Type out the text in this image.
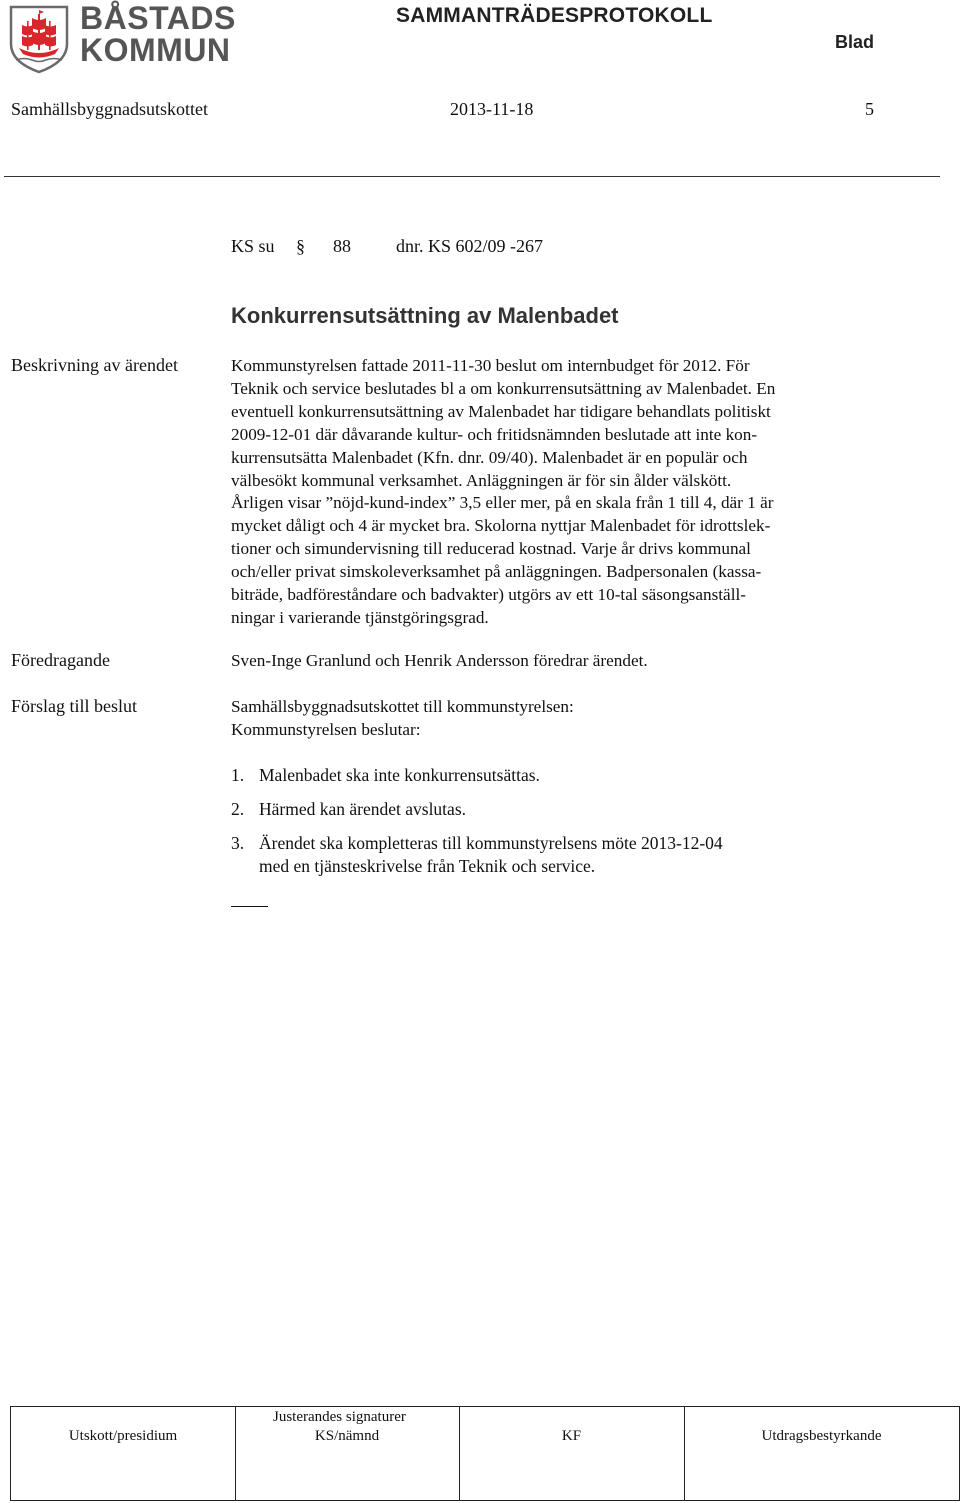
BÅSTADS
KOMMUN
SAMMANTRÄDESPROTOKOLL
Blad
Samhällsbyggnadsutskottet	2013-11-18	5
KS su § 88	dnr. KS 602/09 -267
Konkurrensutsättning av Malenbadet
Beskrivning av ärendet	Kommunstyrelsen fattade 2011-11-30 beslut om internbudget för 2012. För

Teknik och service beslutades bl a om konkurrensutsättning av Malenbadet. En

eventuell konkurrensutsättning av Malenbadet har tidigare behandlats politiskt

2009-12-01 där dåvarande kultur- och fritidsnämnden beslutade att inte kon-

kurrensutsätta Malenbadet (Kfn. dnr. 09/40). Malenbadet är en populär och

välbesökt kommunal verksamhet. Anläggningen är för sin ålder välskött.

Årligen visar ”nöjd-kund-index” 3,5 eller mer, på en skala från 1 till 4, där 1 är

mycket dåligt och 4 är mycket bra. Skolorna nyttjar Malenbadet för idrottslek-

tioner och simundervisning till reducerad kostnad. Varje år drivs kommunal

och/eller privat simskoleverksamhet på anläggningen. Badpersonalen (kassa-

biträde, badföreståndare och badvakter) utgörs av ett 10-tal säsongsanställ-

ningar i varierande tjänstgöringsgrad.

Föredragande	Sven-Inge Granlund och Henrik Andersson föredrar ärendet.
Förslag till beslut	Samhällsbyggnadsutskottet till kommunstyrelsen:

Kommunstyrelsen beslutar:

1. Malenbadet ska inte konkurrensutsättas.
2. Härmed kan ärendet avslutas.
3. Ärendet ska kompletteras till kommunstyrelsens möte 2013-12-04
med en tjänsteskrivelse från Teknik och service.
Justerandes signaturer
Utskott/presidium	KS/nämnd	KF	Utdragsbestyrkande
